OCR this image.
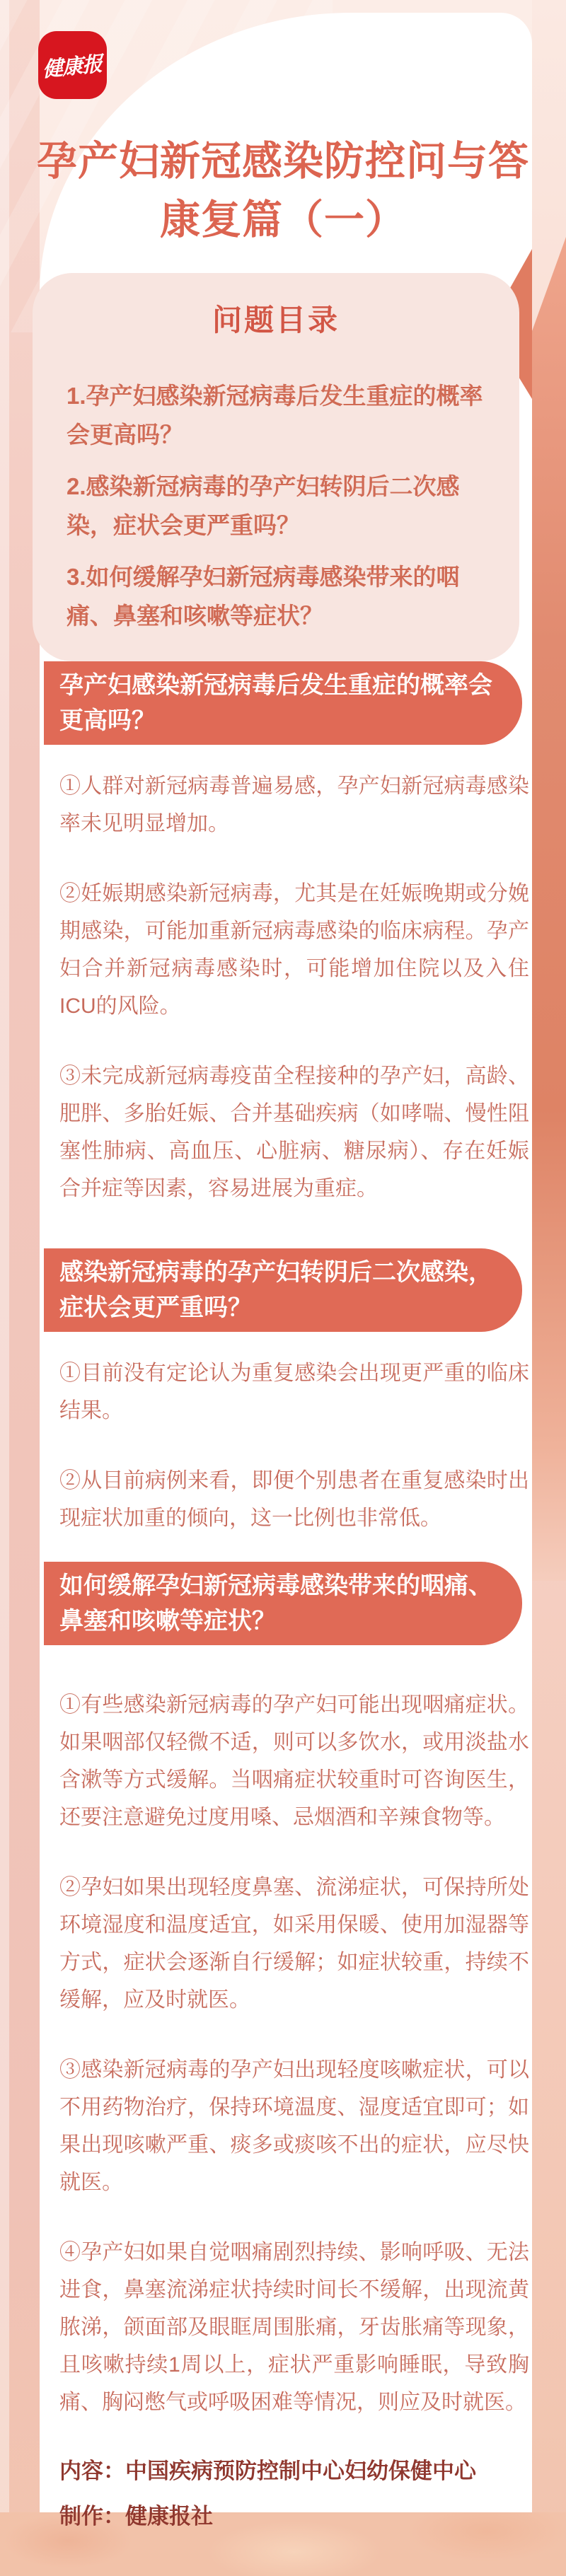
健康报
孕产妇新冠感染防控问与答
康复篇（一）
问题目录
1.孕产妇感染新冠病毒后发生重症的概率会更高吗？
2.感染新冠病毒的孕产妇转阴后二次感染，症状会更严重吗？
3.如何缓解孕妇新冠病毒感染带来的咽痛、鼻塞和咳嗽等症状？
孕产妇感染新冠病毒后发生重症的概率会更高吗？
①人群对新冠病毒普遍易感，孕产妇新冠病毒感染率未见明显增加。
②妊娠期感染新冠病毒，尤其是在妊娠晚期或分娩期感染，可能加重新冠病毒感染的临床病程。孕产妇合并新冠病毒感染时，可能增加住院以及入住ICU的风险。
③未完成新冠病毒疫苗全程接种的孕产妇，高龄、肥胖、多胎妊娠、合并基础疾病（如哮喘、慢性阻塞性肺病、高血压、心脏病、糖尿病）、存在妊娠合并症等因素，容易进展为重症。
感染新冠病毒的孕产妇转阴后二次感染，症状会更严重吗？
①目前没有定论认为重复感染会出现更严重的临床结果。
②从目前病例来看，即便个别患者在重复感染时出现症状加重的倾向，这一比例也非常低。
如何缓解孕妇新冠病毒感染带来的咽痛、鼻塞和咳嗽等症状？
①有些感染新冠病毒的孕产妇可能出现咽痛症状。如果咽部仅轻微不适，则可以多饮水，或用淡盐水含漱等方式缓解。当咽痛症状较重时可咨询医生，还要注意避免过度用嗓、忌烟酒和辛辣食物等。
②孕妇如果出现轻度鼻塞、流涕症状，可保持所处环境湿度和温度适宜，如采用保暖、使用加湿器等方式，症状会逐渐自行缓解；如症状较重，持续不缓解，应及时就医。
③感染新冠病毒的孕产妇出现轻度咳嗽症状，可以不用药物治疗，保持环境温度、湿度适宜即可；如果出现咳嗽严重、痰多或痰咳不出的症状，应尽快就医。
④孕产妇如果自觉咽痛剧烈持续、影响呼吸、无法进食，鼻塞流涕症状持续时间长不缓解，出现流黄脓涕，颌面部及眼眶周围胀痛，牙齿胀痛等现象，且咳嗽持续1周以上，症状严重影响睡眠，导致胸痛、胸闷憋气或呼吸困难等情况，则应及时就医。
内容：中国疾病预防控制中心妇幼保健中心
制作：健康报社
